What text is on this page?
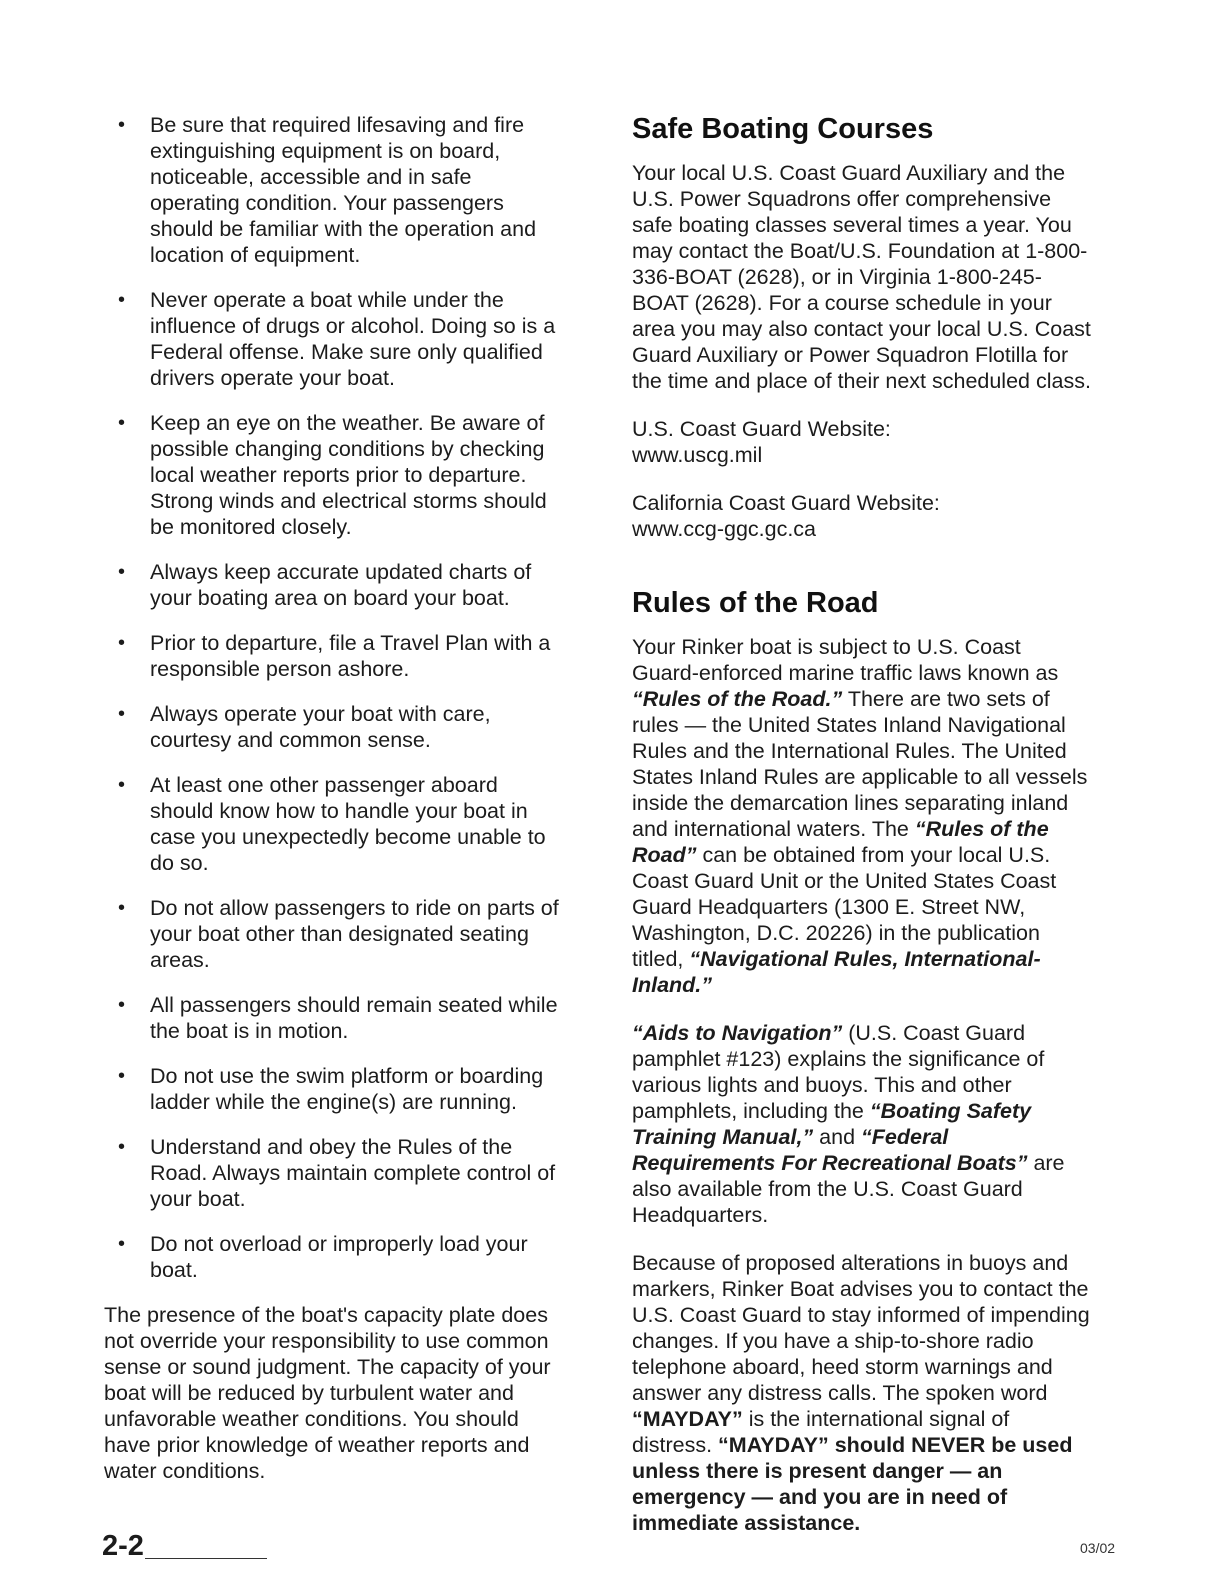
• Be sure that required lifesaving and fire extinguishing equipment is on board, noticeable, accessible and in safe operating condition. Your passengers should be familiar with the operation and location of equipment.
• Never operate a boat while under the influence of drugs or alcohol. Doing so is a Federal offense. Make sure only qualified drivers operate your boat.
• Keep an eye on the weather. Be aware of possible changing conditions by checking local weather reports prior to departure. Strong winds and electrical storms should be monitored closely.
• Always keep accurate updated charts of your boating area on board your boat.
• Prior to departure, file a Travel Plan with a responsible person ashore.
• Always operate your boat with care, courtesy and common sense.
• At least one other passenger aboard should know how to handle your boat in case you unexpectedly become unable to do so.
• Do not allow passengers to ride on parts of your boat other than designated seating areas.
• All passengers should remain seated while the boat is in motion.
• Do not use the swim platform or boarding ladder while the engine(s) are running.
• Understand and obey the Rules of the Road. Always maintain complete control of your boat.
• Do not overload or improperly load your boat.

The presence of the boat's capacity plate does not override your responsibility to use common sense or sound judgment. The capacity of your boat will be reduced by turbulent water and unfavorable weather conditions. You should have prior knowledge of weather reports and water conditions.

Safe Boating Courses

Your local U.S. Coast Guard Auxiliary and the U.S. Power Squadrons offer comprehensive safe boating classes several times a year. You may contact the Boat/U.S. Foundation at 1-800-336-BOAT (2628), or in Virginia 1-800-245-BOAT (2628). For a course schedule in your area you may also contact your local U.S. Coast Guard Auxiliary or Power Squadron Flotilla for the time and place of their next scheduled class.

U.S. Coast Guard Website:
www.uscg.mil

California Coast Guard Website:
www.ccg-ggc.gc.ca

Rules of the Road

Your Rinker boat is subject to U.S. Coast Guard-enforced marine traffic laws known as “Rules of the Road.” There are two sets of rules — the United States Inland Navigational Rules and the International Rules. The United States Inland Rules are applicable to all vessels inside the demarcation lines separating inland and international waters. The “Rules of the Road” can be obtained from your local U.S. Coast Guard Unit or the United States Coast Guard Headquarters (1300 E. Street NW, Washington, D.C. 20226) in the publication titled, “Navigational Rules, International-Inland.”

“Aids to Navigation” (U.S. Coast Guard pamphlet #123) explains the significance of various lights and buoys. This and other pamphlets, including the “Boating Safety Training Manual,” and “Federal Requirements For Recreational Boats” are also available from the U.S. Coast Guard Headquarters.

Because of proposed alterations in buoys and markers, Rinker Boat advises you to contact the U.S. Coast Guard to stay informed of impending changes. If you have a ship-to-shore radio telephone aboard, heed storm warnings and answer any distress calls. The spoken word “MAYDAY” is the international signal of distress. “MAYDAY” should NEVER be used unless there is present danger — an emergency — and you are in need of immediate assistance.

2-2	03/02
